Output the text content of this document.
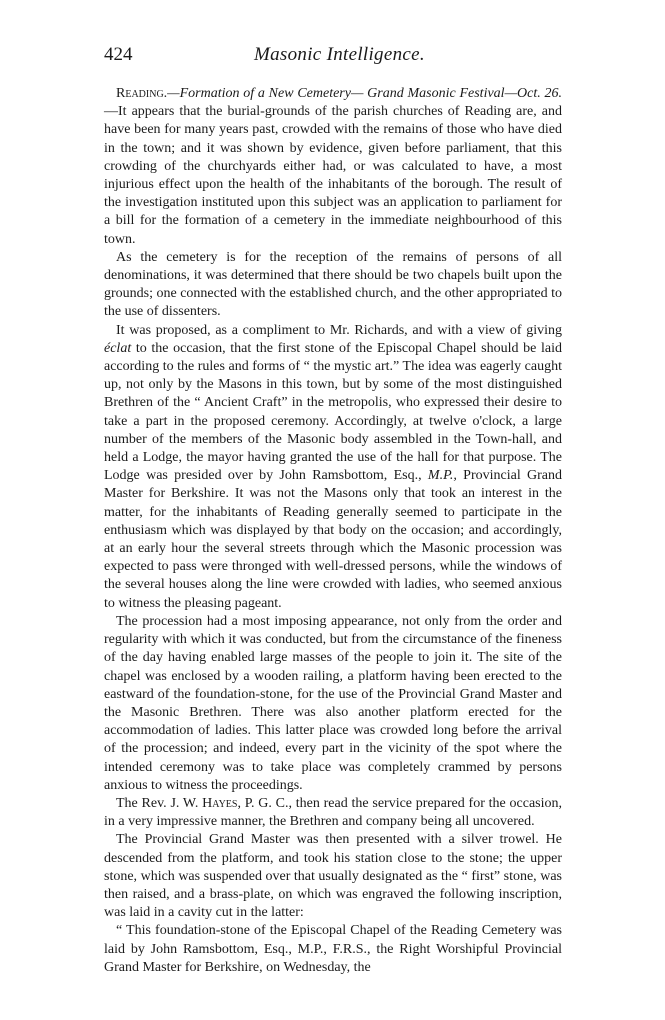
424	Masonic Intelligence.

Reading.—Formation of a New Cemetery— Grand Masonic Festival—Oct. 26.—It appears that the burial-grounds of the parish churches of Reading are, and have been for many years past, crowded with the remains of those who have died in the town; and it was shown by evidence, given before parliament, that this crowding of the churchyards either had, or was calculated to have, a most injurious effect upon the health of the inhabitants of the borough. The result of the investigation instituted upon this subject was an application to parliament for a bill for the formation of a cemetery in the immediate neighbourhood of this town.

As the cemetery is for the reception of the remains of persons of all denominations, it was determined that there should be two chapels built upon the grounds; one connected with the established church, and the other appropriated to the use of dissenters.

It was proposed, as a compliment to Mr. Richards, and with a view of giving éclat to the occasion, that the first stone of the Episcopal Chapel should be laid according to the rules and forms of “ the mystic art.” The idea was eagerly caught up, not only by the Masons in this town, but by some of the most distinguished Brethren of the “ Ancient Craft” in the metropolis, who expressed their desire to take a part in the proposed ceremony. Accordingly, at twelve o'clock, a large number of the members of the Masonic body assembled in the Town-hall, and held a Lodge, the mayor having granted the use of the hall for that purpose. The Lodge was presided over by John Ramsbottom, Esq., M.P., Provincial Grand Master for Berkshire. It was not the Masons only that took an interest in the matter, for the inhabitants of Reading generally seemed to participate in the enthusiasm which was displayed by that body on the occasion; and accordingly, at an early hour the several streets through which the Masonic procession was expected to pass were thronged with well-dressed persons, while the windows of the several houses along the line were crowded with ladies, who seemed anxious to witness the pleasing pageant.

The procession had a most imposing appearance, not only from the order and regularity with which it was conducted, but from the circumstance of the fineness of the day having enabled large masses of the people to join it. The site of the chapel was enclosed by a wooden railing, a platform having been erected to the eastward of the foundation-stone, for the use of the Provincial Grand Master and the Masonic Brethren. There was also another platform erected for the accommodation of ladies. This latter place was crowded long before the arrival of the procession; and indeed, every part in the vicinity of the spot where the intended ceremony was to take place was completely crammed by persons anxious to witness the proceedings.

The Rev. J. W. Hayes, P. G. C., then read the service prepared for the occasion, in a very impressive manner, the Brethren and company being all uncovered.

The Provincial Grand Master was then presented with a silver trowel. He descended from the platform, and took his station close to the stone; the upper stone, which was suspended over that usually designated as the “ first” stone, was then raised, and a brass-plate, on which was engraved the following inscription, was laid in a cavity cut in the latter:

“ This foundation-stone of the Episcopal Chapel of the Reading Cemetery was laid by John Ramsbottom, Esq., M.P., F.R.S., the Right Worshipful Provincial Grand Master for Berkshire, on Wednesday, the
